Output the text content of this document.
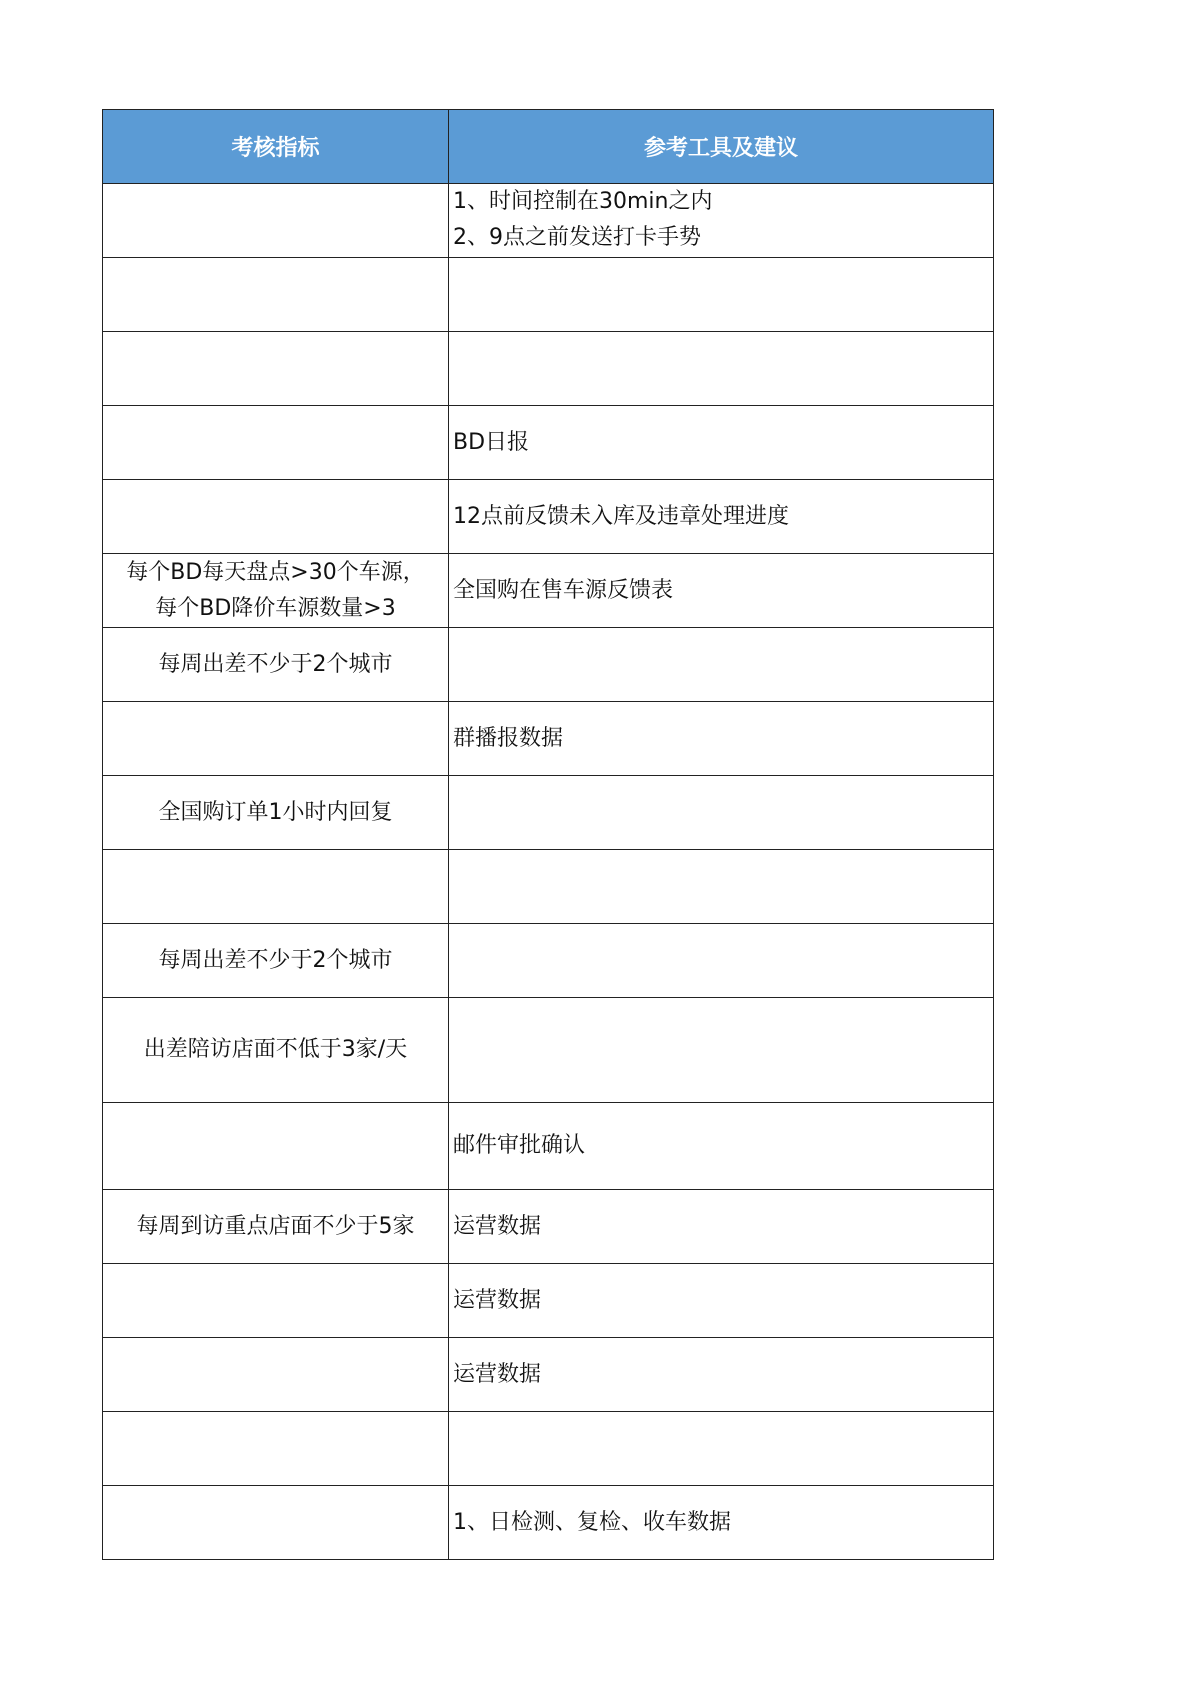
考核指标	参考工具及建议

	1、时间控制在30min之内
2、9点之前发送打卡手势

	BD日报
	12点前反馈未入库及违章处理进度

每个BD每天盘点>30个车源，
每个BD降价车源数量>3	全国购在售车源反馈表
每周出差不少于2个城市	
	群播报数据
全国购订单1小时内回复	

每周出差不少于2个城市	
出差陪访店面不低于3家/天	
	邮件审批确认
每周到访重点店面不少于5家	运营数据
	运营数据
	运营数据

	1、日检测、复检、收车数据
